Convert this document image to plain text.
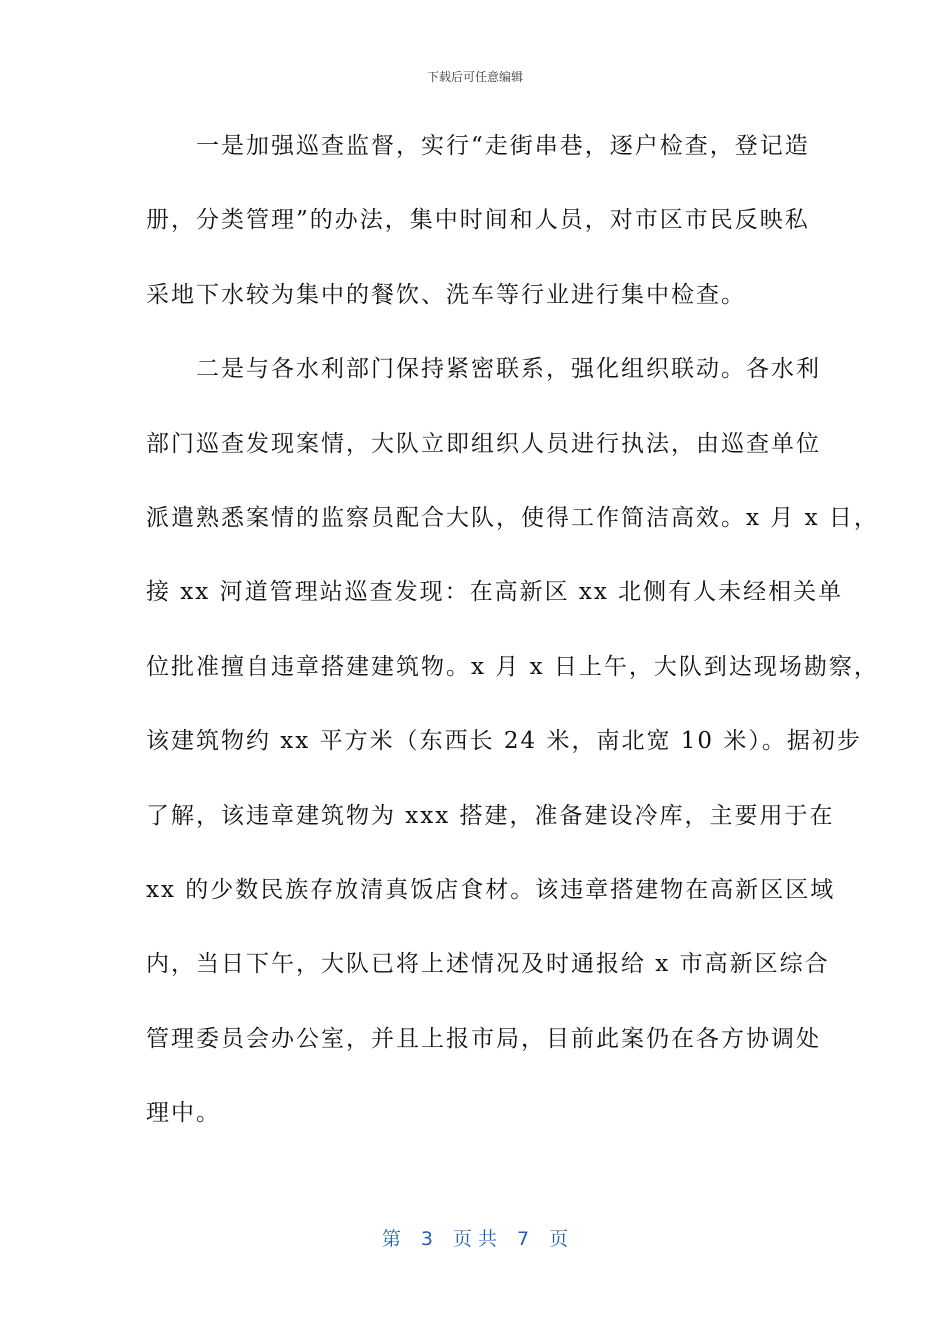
下载后可任意编辑
　　一是加强巡查监督，实行“走街串巷，逐户检查，登记造
册，分类管理”的办法，集中时间和人员，对市区市民反映私
采地下水较为集中的餐饮、洗车等行业进行集中检查。
　　二是与各水利部门保持紧密联系，强化组织联动。各水利
部门巡查发现案情，大队立即组织人员进行执法，由巡查单位
派遣熟悉案情的监察员配合大队，使得工作简洁高效。x 月 x 日，
接 xx 河道管理站巡查发现：在高新区 xx 北侧有人未经相关单
位批准擅自违章搭建建筑物。x 月 x 日上午，大队到达现场勘察，
该建筑物约 xx 平方米（东西长 24 米，南北宽 10 米）。据初步
了解，该违章建筑物为 xxx 搭建，准备建设冷库，主要用于在
xx 的少数民族存放清真饭店食材。该违章搭建物在高新区区域
内，当日下午，大队已将上述情况及时通报给 x 市高新区综合
管理委员会办公室，并且上报市局，目前此案仍在各方协调处
理中。
第 3 页 共 7 页
